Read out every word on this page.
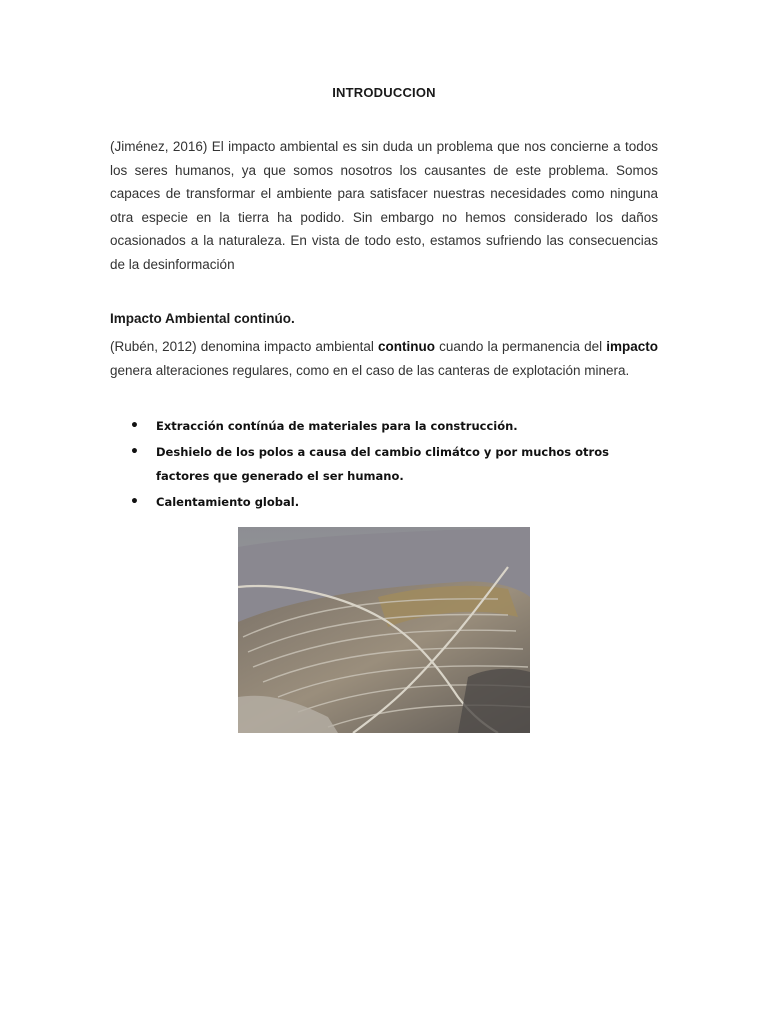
INTRODUCCION

(Jiménez, 2016) El impacto ambiental es sin duda un problema que nos concierne a todos los seres humanos, ya que somos nosotros los causantes de este problema. Somos capaces de transformar el ambiente para satisfacer nuestras necesidades como ninguna otra especie en la tierra ha podido. Sin embargo no hemos considerado los daños ocasionados a la naturaleza. En vista de todo esto, estamos sufriendo las consecuencias de la desinformación

Impacto Ambiental continúo.

(Rubén, 2012) denomina impacto ambiental continuo cuando la permanencia del impacto genera alteraciones regulares, como en el caso de las canteras de explotación minera.

• Extracción contínúa de materiales para la construcción.
• Deshielo de los polos a causa del cambio climátco y por muchos otros factores que generado el ser humano.
• Calentamiento global.
